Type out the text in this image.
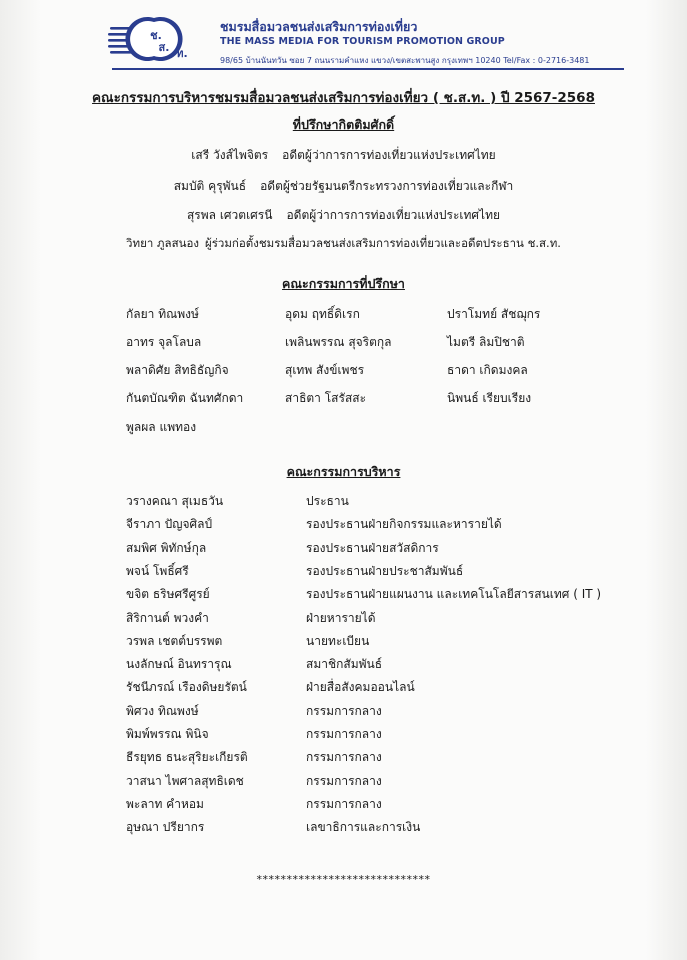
ช.
ส. ท.
ชมรมสื่อมวลชนส่งเสริมการท่องเที่ยว
THE MASS MEDIA FOR TOURISM PROMOTION GROUP
98/65 บ้านนันทวัน ซอย 7 ถนนรามคำแหง แขวง/เขตสะพานสูง กรุงเทพฯ 10240 Tel/Fax : 0-2716-3481
คณะกรรมการบริหารชมรมสื่อมวลชนส่งเสริมการท่องเที่ยว ( ช.ส.ท. ) ปี 2567-2568
ที่ปรึกษากิตติมศักดิ์
เสรี วังส์ไพจิตร อดีตผู้ว่าการการท่องเที่ยวแห่งประเทศไทย
สมบัติ คุรุพันธ์ อดีตผู้ช่วยรัฐมนตรีกระทรวงการท่องเที่ยวและกีฬา
สุรพล เศวตเศรนี อดีตผู้ว่าการการท่องเที่ยวแห่งประเทศไทย
วิทยา ภูลสนอง ผู้ร่วมก่อตั้งชมรมสื่อมวลชนส่งเสริมการท่องเที่ยวและอดีตประธาน ช.ส.ท.
คณะกรรมการที่ปรึกษา
กัลยา ทิณพงษ์	อุดม ฤทธิ์ดิเรก	ปราโมทย์ สัชฌุกร
อาทร จุลโลบล	เพลินพรรณ สุจริตกุล	ไมตรี ลิมปิชาติ
พลาดิศัย สิทธิธัญกิจ	สุเทพ สังข์เพชร	ธาดา เกิดมงคล
กันตบัณฑิต ฉันทศักดา	สาธิตา โสรัสสะ	นิพนธ์ เรียบเรียง
พูลผล แพทอง
คณะกรรมการบริหาร
วรางคณา สุเมธวัน	ประธาน
จีราภา ปัญจศิลป์	รองประธานฝ่ายกิจกรรมและหารายได้
สมพิศ พิทักษ์กุล	รองประธานฝ่ายสวัสดิการ
พจน์ โพธิ์ศรี	รองประธานฝ่ายประชาสัมพันธ์
ขจิต ธริษศรีศูรย์	รองประธานฝ่ายแผนงาน และเทคโนโลยีสารสนเทศ ( IT )
สิริกานต์ พวงคำ	ฝ่ายหารายได้
วรพล เชตต์บรรพต	นายทะเบียน
นงลักษณ์ อินทรารุณ	สมาชิกสัมพันธ์
รัชนีภรณ์ เรืองดิษยรัตน์	ฝ่ายสื่อสังคมออนไลน์
พิศวง ทิณพงษ์	กรรมการกลาง
พิมพ์พรรณ พินิจ	กรรมการกลาง
ธีรยุทธ ธนะสุริยะเกียรติ	กรรมการกลาง
วาสนา ไพศาลสุทธิเดช	กรรมการกลาง
พะลาท คำหอม	กรรมการกลาง
อุษณา ปรียากร	เลขาธิการและการเงิน
*****************************
